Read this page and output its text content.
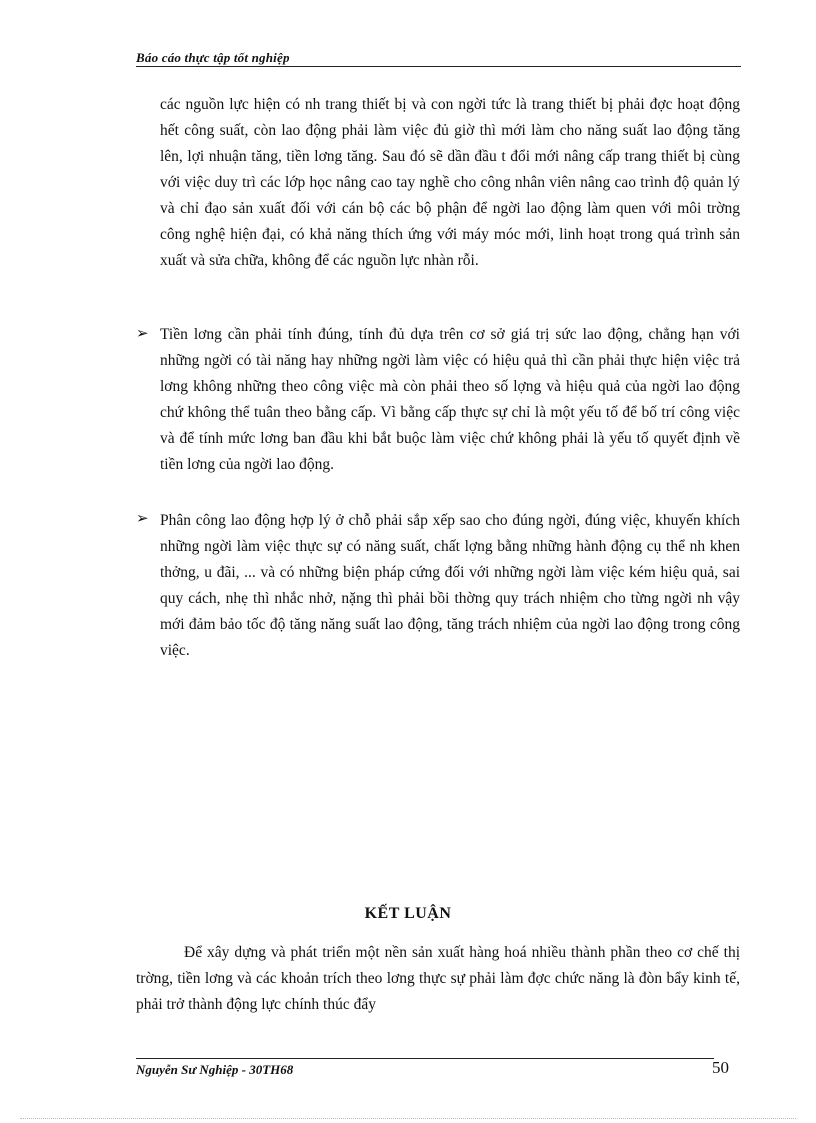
Báo cáo thực tập tốt nghiệp
các nguồn lực hiện có nh trang thiết bị và con ngời tức là trang thiết bị phải đợc hoạt động hết công suất, còn lao động phải làm việc đủ giờ thì mới làm cho năng suất lao động tăng lên, lợi nhuận tăng, tiền lơng tăng. Sau đó sẽ dần đầu t đổi mới nâng cấp trang thiết bị cùng với việc duy trì các lớp học nâng cao tay nghề cho công nhân viên nâng cao trình độ quản lý và chỉ đạo sản xuất đối với cán bộ các bộ phận để ngời lao động làm quen với môi trờng công nghệ hiện đại, có khả năng thích ứng với máy móc mới, linh hoạt trong quá trình sản xuất và sửa chữa, không để các nguồn lực nhàn rỗi.
➢ Tiền lơng cần phải tính đúng, tính đủ dựa trên cơ sở giá trị sức lao động, chẳng hạn với những ngời có tài năng hay những ngời làm việc có hiệu quả thì cần phải thực hiện việc trả lơng không những theo công việc mà còn phải theo số lợng và hiệu quả của ngời lao động chứ không thể tuân theo bằng cấp. Vì bằng cấp thực sự chỉ là một yếu tố để bố trí công việc và để tính mức lơng ban đầu khi bắt buộc làm việc chứ không phải là yếu tố quyết định về tiền lơng của ngời lao động.
➢ Phân công lao động hợp lý ở chỗ phải sắp xếp sao cho đúng ngời, đúng việc, khuyến khích những ngời làm việc thực sự có năng suất, chất lợng bằng những hành động cụ thể nh khen thởng, u đãi, ... và có những biện pháp cứng đối với những ngời làm việc kém hiệu quả, sai quy cách, nhẹ thì nhắc nhở, nặng thì phải bồi thờng quy trách nhiệm cho từng ngời nh vậy mới đảm bảo tốc độ tăng năng suất lao động, tăng trách nhiệm của ngời lao động trong công việc.
KẾT LUẬN
Để xây dựng và phát triển một nền sản xuất hàng hoá nhiều thành phần theo cơ chế thị trờng, tiền lơng và các khoản trích theo lơng thực sự phải làm đợc chức năng là đòn bẩy kinh tế, phải trở thành động lực chính thúc đẩy
Nguyễn Sư Nghiệp - 30TH68	50
